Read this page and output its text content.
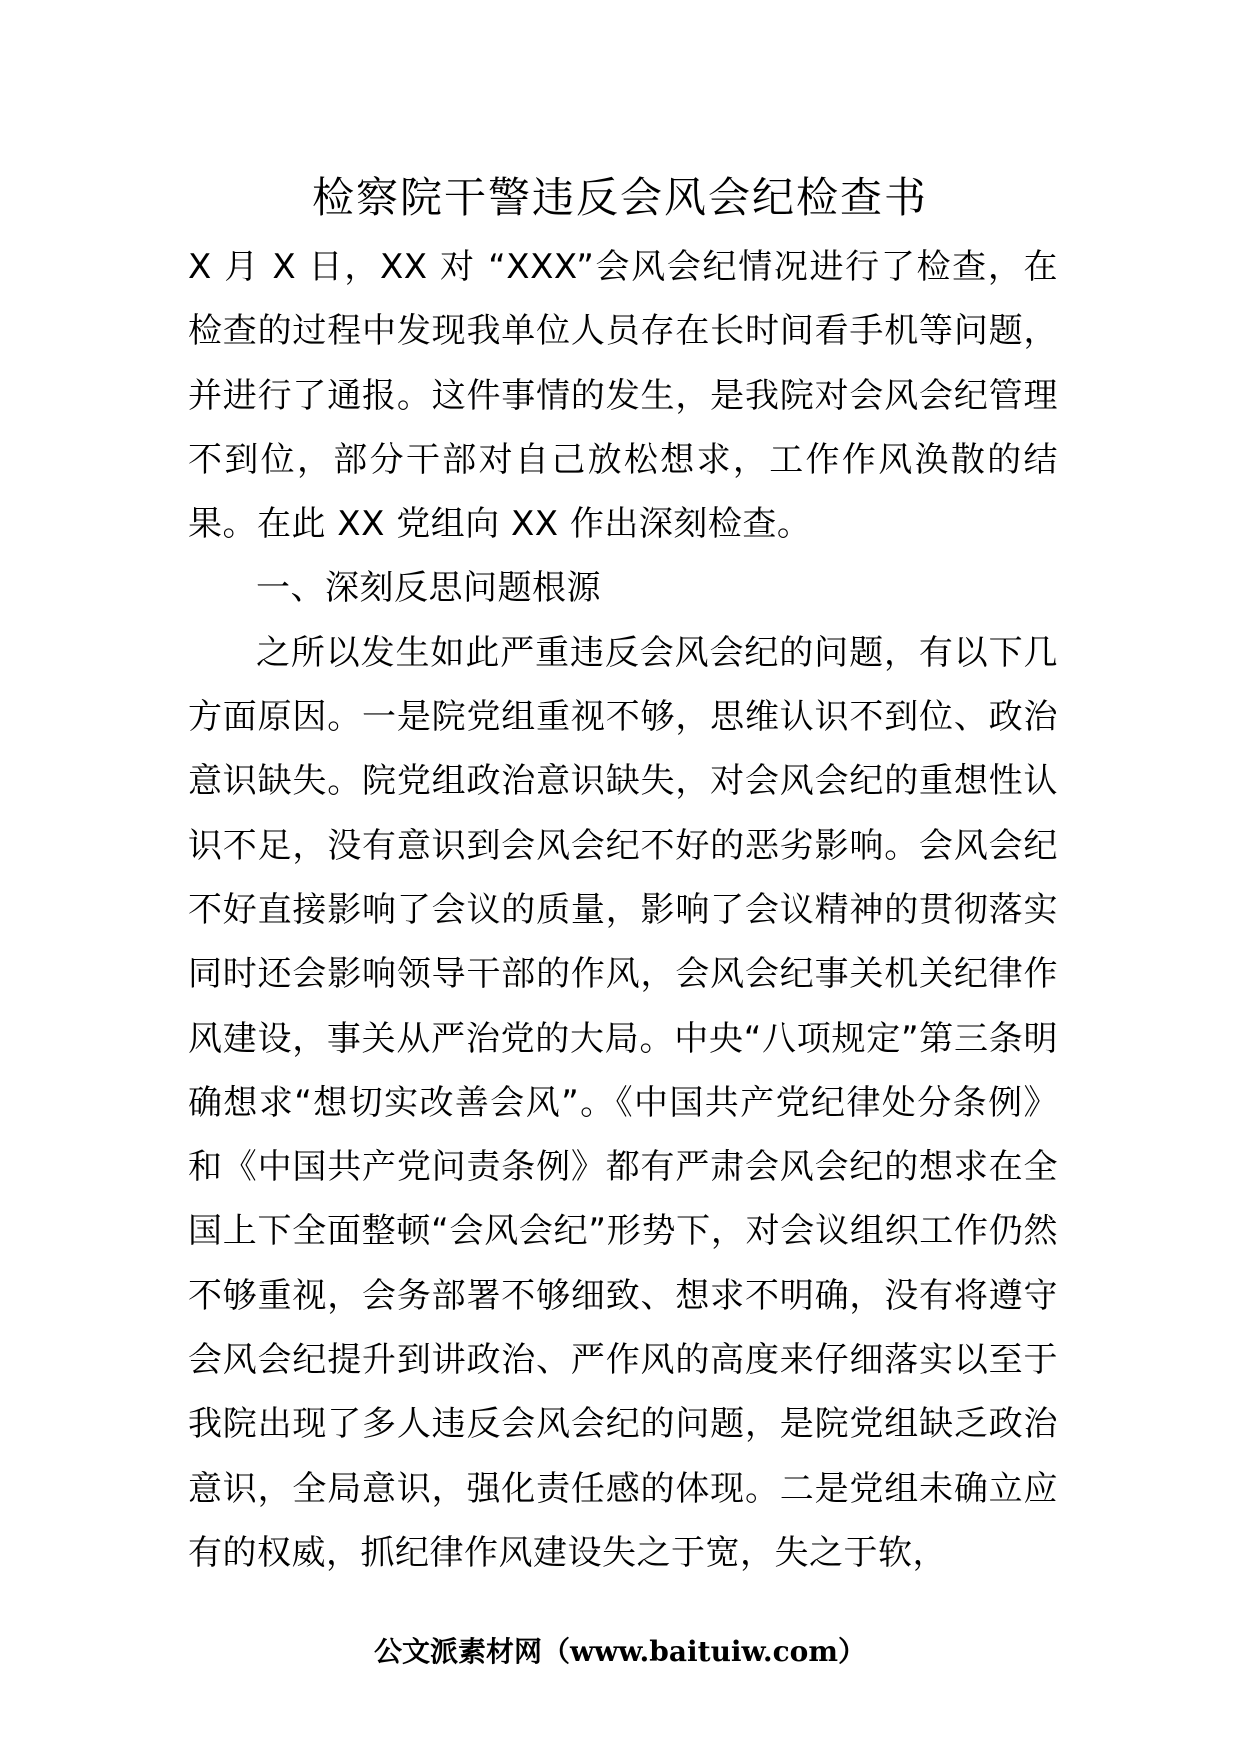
检察院干警违反会风会纪检查书

X 月 X 日，XX 对 “XXX”会风会纪情况进行了检查，在检查的过程中发现我单位人员存在长时间看手机等问题，并进行了通报。这件事情的发生，是我院对会风会纪管理不到位，部分干部对自己放松想求，工作作风涣散的结果。在此 XX 党组向 XX 作出深刻检查。

一、深刻反思问题根源

之所以发生如此严重违反会风会纪的问题，有以下几方面原因。一是院党组重视不够，思维认识不到位、政治意识缺失。院党组政治意识缺失，对会风会纪的重想性认识不足，没有意识到会风会纪不好的恶劣影响。会风会纪不好直接影响了会议的质量，影响了会议精神的贯彻落实同时还会影响领导干部的作风，会风会纪事关机关纪律作风建设，事关从严治党的大局。中央“八项规定”第三条明确想求“想切实改善会风”。《中国共产党纪律处分条例》和《中国共产党问责条例》都有严肃会风会纪的想求在全国上下全面整顿“会风会纪”形势下，对会议组织工作仍然不够重视，会务部署不够细致、想求不明确，没有将遵守会风会纪提升到讲政治、严作风的高度来仔细落实以至于我院出现了多人违反会风会纪的问题，是院党组缺乏政治意识，全局意识，强化责任感的体现。二是党组未确立应有的权威，抓纪律作风建设失之于宽，失之于软，

公文派素材网（www.baituiw.com）
